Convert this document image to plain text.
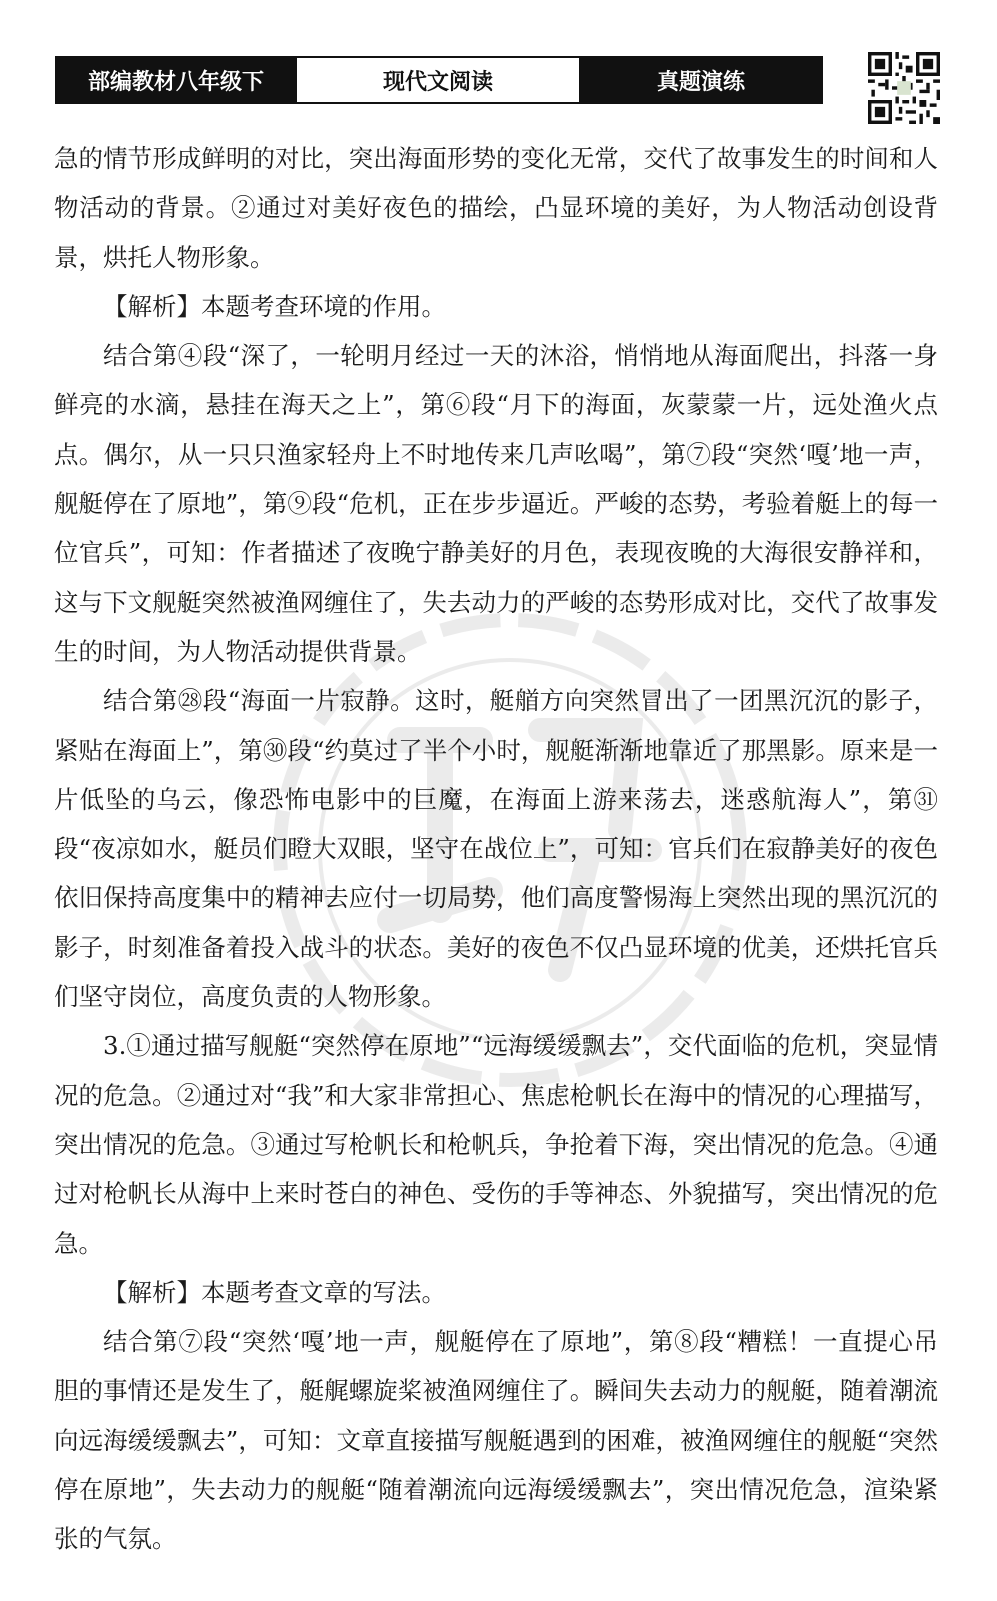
部编教材八年级下	现代文阅读	真题演练

急的情节形成鲜明的对比，突出海面形势的变化无常，交代了故事发生的时间和人物活动的背景。②通过对美好夜色的描绘，凸显环境的美好，为人物活动创设背景，烘托人物形象。

【解析】本题考查环境的作用。

结合第④段“深了，一轮明月经过一天的沐浴，悄悄地从海面爬出，抖落一身鲜亮的水滴，悬挂在海天之上”，第⑥段“月下的海面，灰蒙蒙一片，远处渔火点点。偶尔，从一只只渔家轻舟上不时地传来几声吆喝”，第⑦段“突然‘嘎’地一声，舰艇停在了原地”，第⑨段“危机，正在步步逼近。严峻的态势，考验着艇上的每一位官兵”，可知：作者描述了夜晚宁静美好的月色，表现夜晚的大海很安静祥和，这与下文舰艇突然被渔网缠住了，失去动力的严峻的态势形成对比，交代了故事发生的时间，为人物活动提供背景。

结合第㉘段“海面一片寂静。这时，艇艏方向突然冒出了一团黑沉沉的影子，紧贴在海面上”，第㉚段“约莫过了半个小时，舰艇渐渐地靠近了那黑影。原来是一片低坠的乌云，像恐怖电影中的巨魔，在海面上游来荡去，迷惑航海人”，第㉛段“夜凉如水，艇员们瞪大双眼，坚守在战位上”，可知：官兵们在寂静美好的夜色依旧保持高度集中的精神去应付一切局势，他们高度警惕海上突然出现的黑沉沉的影子，时刻准备着投入战斗的状态。美好的夜色不仅凸显环境的优美，还烘托官兵们坚守岗位，高度负责的人物形象。

3.①通过描写舰艇“突然停在原地”“远海缓缓飘去”，交代面临的危机，突显情况的危急。②通过对“我”和大家非常担心、焦虑枪帆长在海中的情况的心理描写，突出情况的危急。③通过写枪帆长和枪帆兵，争抢着下海，突出情况的危急。④通过对枪帆长从海中上来时苍白的神色、受伤的手等神态、外貌描写，突出情况的危急。

【解析】本题考查文章的写法。

结合第⑦段“突然‘嘎’地一声，舰艇停在了原地”，第⑧段“糟糕！一直提心吊胆的事情还是发生了，艇艉螺旋桨被渔网缠住了。瞬间失去动力的舰艇，随着潮流向远海缓缓飘去”，可知：文章直接描写舰艇遇到的困难，被渔网缠住的舰艇“突然停在原地”，失去动力的舰艇“随着潮流向远海缓缓飘去”，突出情况危急，渲染紧张的气氛。
